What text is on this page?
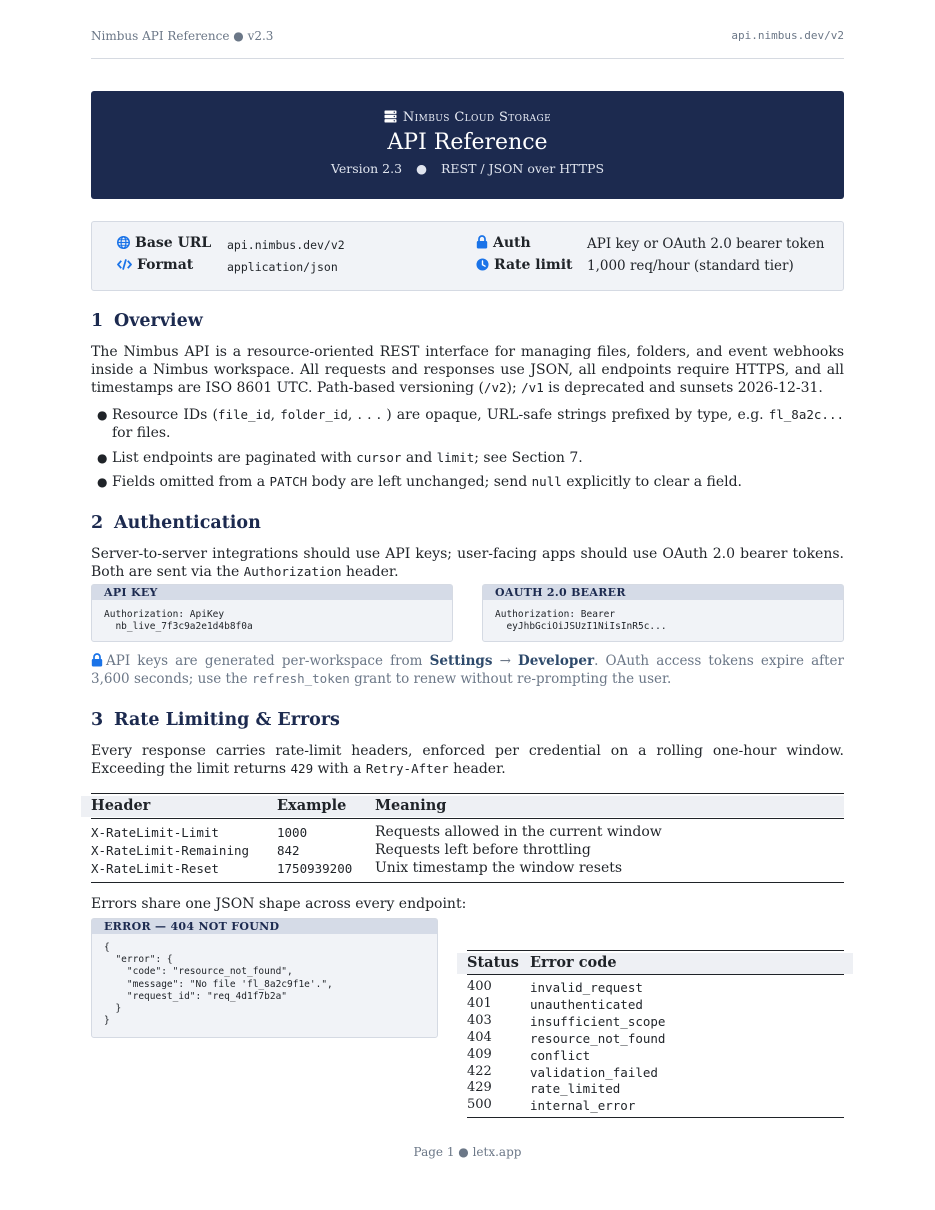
Nimbus API Reference ● v2.3	api.nimbus.dev/v2
Nimbus Cloud Storage
API Reference
Version 2.3 ● REST / JSON over HTTPS
Base URL api.nimbus.dev/v2
Format	application/json
Auth	API key or OAuth 2.0 bearer token
Rate limit 1,000 req/hour (standard tier)
1 Overview

The Nimbus API is a resource-oriented REST interface for managing files, folders, and event webhooks inside a Nimbus workspace. All requests and responses use JSON, all endpoints require HTTPS, and all timestamps are ISO 8601 UTC. Path-based versioning (/v2); /v1 is deprecated and sunsets 2026-12-31.

● Resource IDs (file_id, folder_id, . . . ) are opaque, URL-safe strings prefixed by type, e.g. fl_8a2c... for files.
● List endpoints are paginated with cursor and limit; see Section 7.
● Fields omitted from a PATCH body are left unchanged; send null explicitly to clear a field.
2 Authentication

Server-to-server integrations should use API keys; user-facing apps should use OAuth 2.0 bearer tokens. Both are sent via the Authorization header.

API KEY
Authorization: ApiKey
nb_live_7f3c9a2e1d4b8f0a
OAUTH 2.0 BEARER
Authorization: Bearer
eyJhbGciOiJSUzI1NiIsInR5c...
API keys are generated per-workspace from Settings → Developer. OAuth access tokens expire after 3,600 seconds; use the refresh_token grant to renew without re-prompting the user.
3 Rate Limiting & Errors

Every response carries rate-limit headers, enforced per credential on a rolling one-hour window. Exceeding the limit returns 429 with a Retry-After header.

Header	Example Meaning
X-RateLimit-Limit	1000	Requests allowed in the current window
X-RateLimit-Remaining 842	Requests left before throttling
X-RateLimit-Reset	1750939200 Unix timestamp the window resets

Errors share one JSON shape across every endpoint:

ERROR — 404 NOT FOUND
{
"error": {
"code": "resource_not_found",
"message": "No file 'fl_8a2c9f1e'.",
"request_id": "req_4d1f7b2a"
}
}
Status Error code
400	invalid_request
401	unauthenticated
403	insufficient_scope
404	resource_not_found
409	conflict
422	validation_failed
429	rate_limited
500	internal_error
Page 1 ● letx.app
